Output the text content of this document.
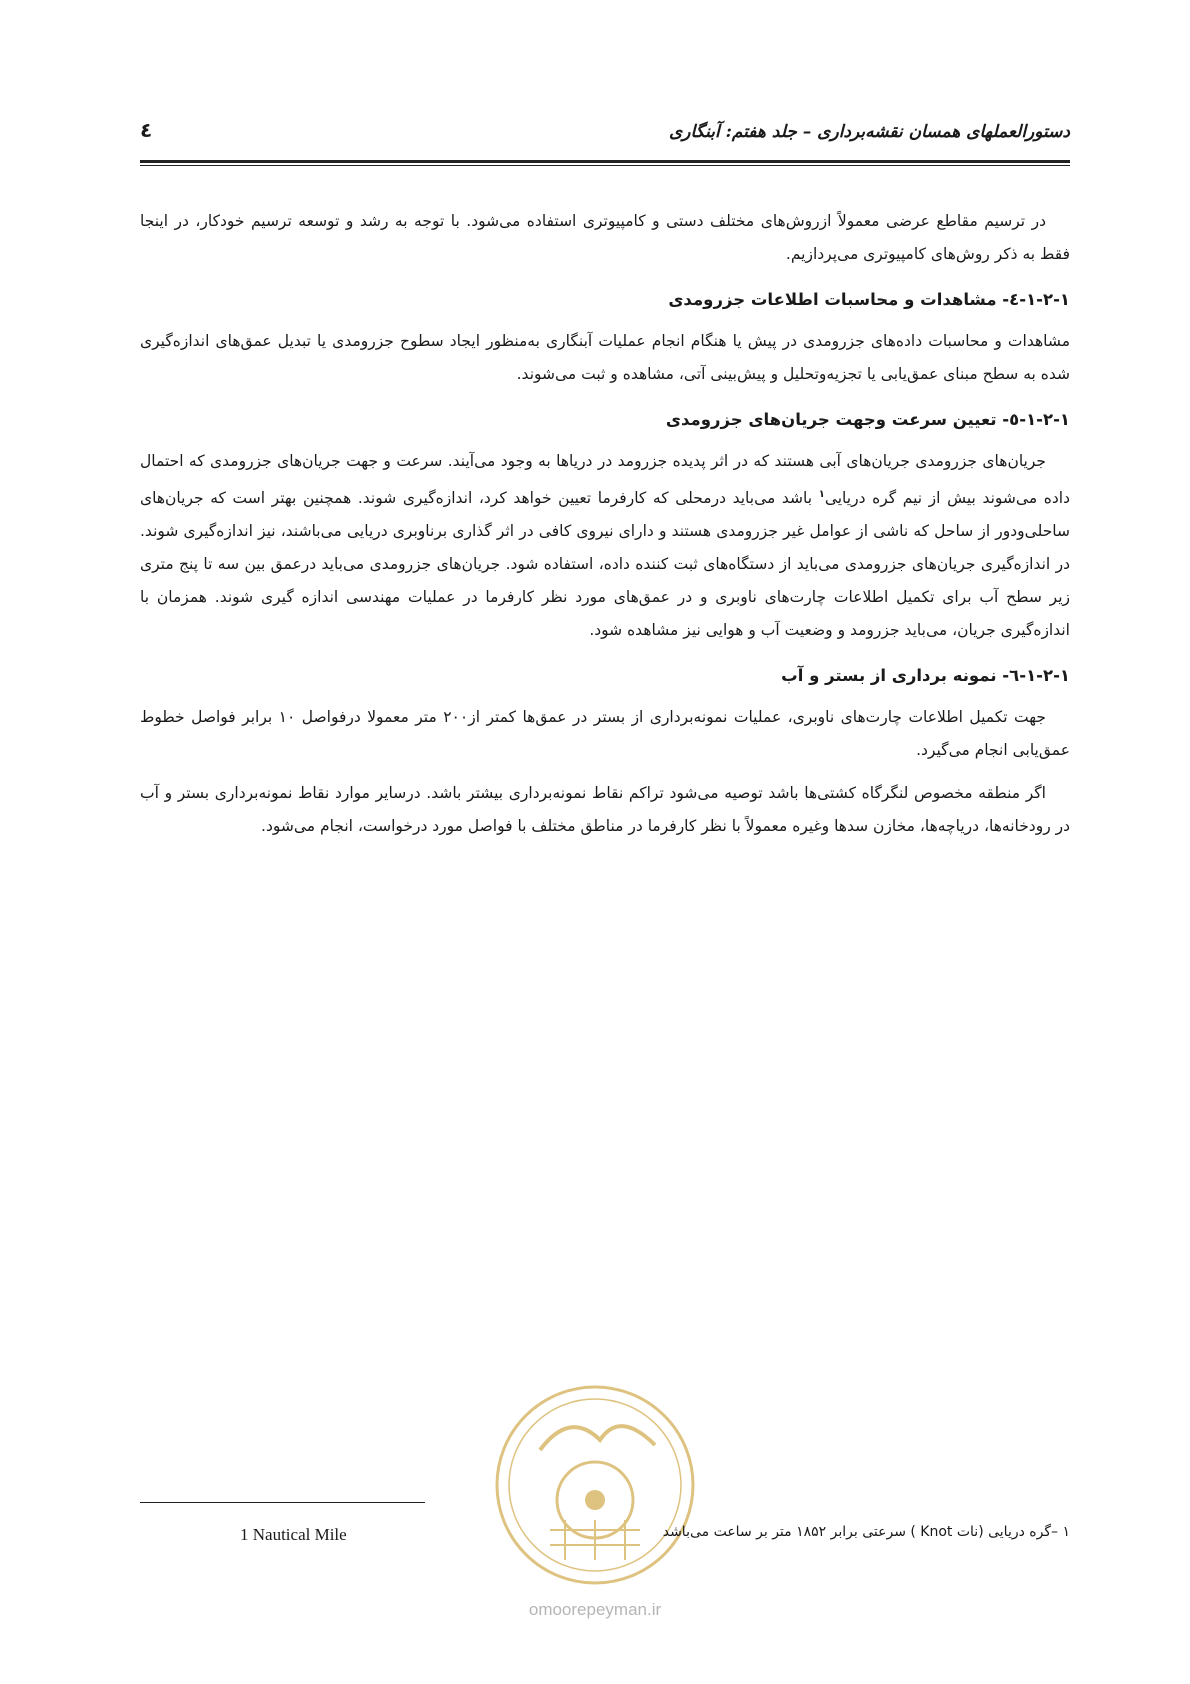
دستورالعملهای همسان نقشه‌برداری – جلد هفتم: آبنگاری
٤

در ترسیم مقاطع عرضی معمولاً ازروش‌های مختلف دستی و کامپیوتری استفاده می‌شود. با توجه به رشد و توسعه ترسیم خودکار، در اینجا فقط به ذکر روش‌های کامپیوتری می‌پردازیم.

۱-۲-۱-٤- مشاهدات و محاسبات اطلاعات جزرومدی

مشاهدات و محاسبات داده‌های جزرومدی در پیش یا هنگام انجام عملیات آبنگاری به‌منظور ایجاد سطوح جزرومدی یا تبدیل عمق‌های اندازه‌گیری شده به سطح مبنای عمق‌یابی یا تجزیه‌وتحلیل و پیش‌بینی آتی، مشاهده و ثبت می‌شوند.

۱-۲-۱-٥- تعیین سرعت وجهت جریان‌های جزرومدی

جریان‌های جزرومدی جریان‌های آبی هستند که در اثر پدیده جزرومد در دریاها به وجود می‌آیند. سرعت و جهت جریان‌های جزرومدی که احتمال داده می‌شوند بیش از نیم گره دریایی$^۱$ باشد می‌باید درمحلی که کارفرما تعیین خواهد کرد، اندازه‌گیری شوند. همچنین بهتر است که جریان‌های ساحلی‌ودور از ساحل که ناشی از عوامل غیر جزرومدی هستند و دارای نیروی کافی در اثر گذاری برناوبری دریایی می‌باشند، نیز اندازه‌گیری شوند. در اندازه‌گیری جریان‌های جزرومدی می‌باید از دستگاه‌های ثبت کننده داده، استفاده شود. جریان‌های جزرومدی می‌باید درعمق بین سه تا پنج متری زیر سطح آب برای تکمیل اطلاعات چارت‌های ناوبری و در عمق‌های مورد نظر کارفرما در عملیات مهندسی اندازه گیری شوند. همزمان با اندازه‌گیری جریان، می‌باید جزرومد و وضعیت آب و هوایی نیز مشاهده شود.

۱-۲-۱-٦- نمونه برداری از بستر و آب

جهت تکمیل اطلاعات چارت‌های ناوبری، عملیات نمونه‌برداری از بستر در عمق‌ها کمتر از۲۰۰ متر معمولا درفواصل ۱۰ برابر فواصل خطوط عمق‌یابی انجام می‌گیرد.

اگر منطقه مخصوص لنگرگاه کشتی‌ها باشد توصیه می‌شود تراکم نقاط نمونه‌برداری بیشتر باشد. درسایر موارد نقاط نمونه‌برداری بستر و آب در رودخانه‌ها، دریاچه‌ها، مخازن سدها وغیره معمولاً با نظر کارفرما در مناطق مختلف با فواصل مورد درخواست، انجام می‌شود.

omoorepeyman.ir
1 Nautical Mile	۱ –گره دریایی (نات Knot ) سرعتی برابر ۱۸۵۲ متر بر ساعت می‌باشد
